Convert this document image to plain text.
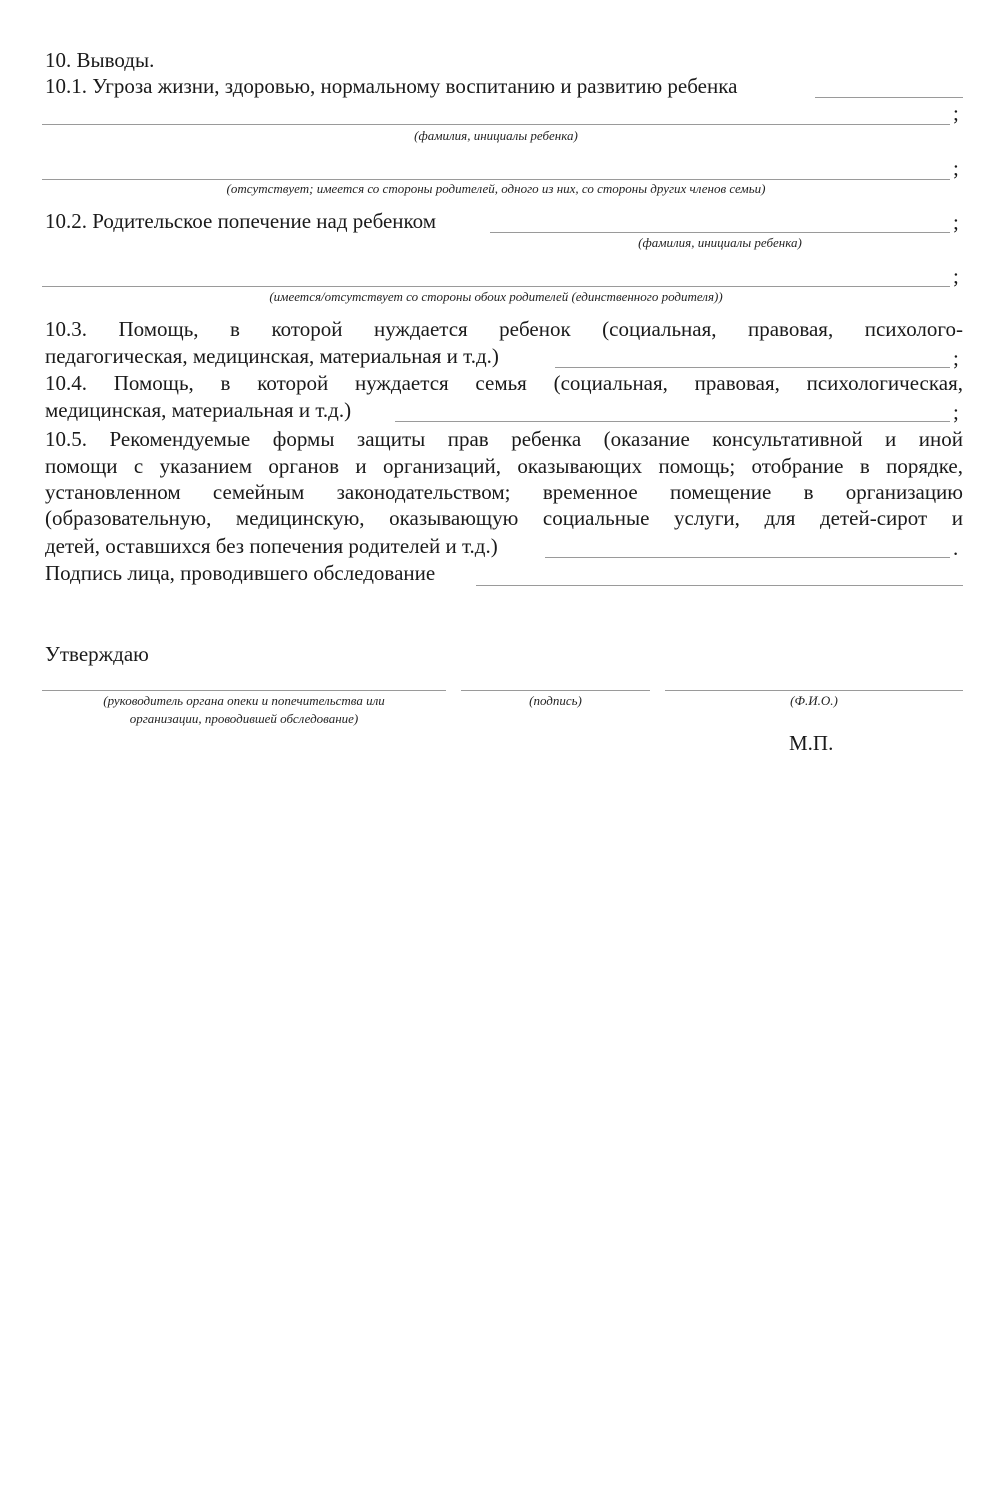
10. Выводы.
10.1. Угроза жизни, здоровью, нормальному воспитанию и развитию ребенка
;
(фамилия, инициалы ребенка)
;
(отсутствует; имеется со стороны родителей, одного из них, со стороны других членов семьи)
10.2. Родительское попечение над ребенком	;
(фамилия, инициалы ребенка)
;
(имеется/отсутствует со стороны обоих родителей (единственного родителя))
10.3. Помощь, в которой нуждается ребенок (социальная, правовая, психолого-
педагогическая, медицинская, материальная и т.д.)	;
10.4. Помощь, в которой нуждается семья (социальная, правовая, психологическая,
медицинская, материальная и т.д.)	;
10.5. Рекомендуемые формы защиты прав ребенка (оказание консультативной и иной
помощи с указанием органов и организаций, оказывающих помощь; отобрание в порядке,
установленном семейным законодательством; временное помещение в организацию
(образовательную, медицинскую, оказывающую социальные услуги, для детей-сирот и
детей, оставшихся без попечения родителей и т.д.)	.
Подпись лица, проводившего обследование
Утверждаю
(руководитель органа опеки и попечительства или
организации, проводившей обследование)
(подпись)	(Ф.И.О.)
М.П.
